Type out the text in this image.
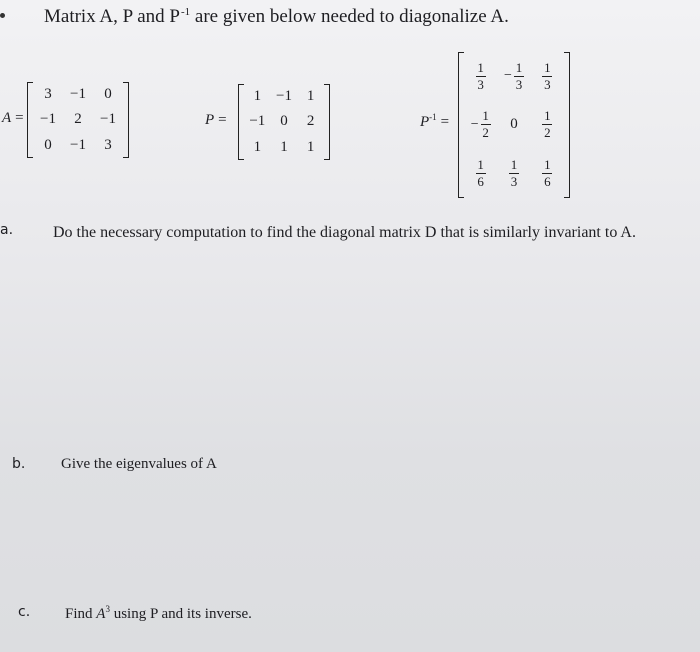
Matrix A, P and $P^{-1}$ are given below needed to diagonalize A.
A =
3 −1 0
−1 2 −1
0 −1 3
P =
1 −1 1
−1 0 2
1 1 1
$P^{-1}$ =
$\frac{1}{3} - \frac{1}{3} \frac{1}{3}$
− $\frac{1}{2} 0 \frac{1}{2}$
$\frac{1}{6} \frac{1}{3} \frac{1}{6}$
a. Do the necessary computation to find the diagonal matrix D that is similarly invariant to A.
b. Give the eigenvalues of A
c. Find $A^3$ using P and its inverse.
